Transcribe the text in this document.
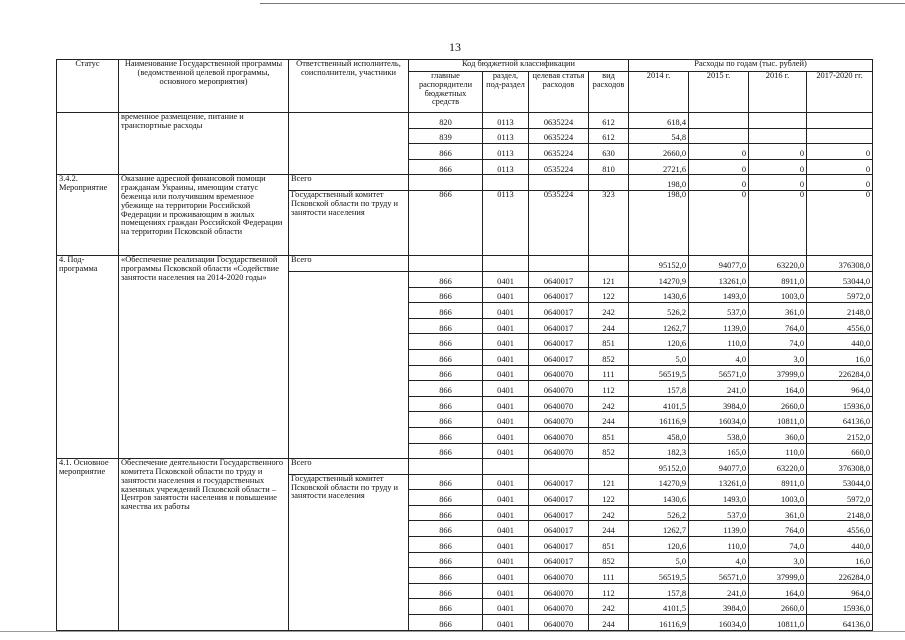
13
Статус	Наименование Государственной программы (ведомственной целевой программы, основного мероприятия)	Ответственный исполнитель, соисполнители, участники	Код бюджетной классификации				Расходы по годам (тыс. рублей)			
			главные распорядители бюджетных средств	раздел, под-раздел	целевая статья расходов	вид расходов	2014 г.	2015 г.	2016 г.	2017-2020 гг.
	временное размещение, питание и транспортные расходы		820	0113	0635224	612	618,4			
			839	0113	0635224	612	54,8			
			866	0113	0635224	630	2660,0	0	0	0
			866	0113	0535224	810	2721,6	0	0	0
3.4.2. Мероприятие	Оказание адресной финансовой помощи гражданам Украины, имеющим статус беженца или получившим временное убежище на территории Российской Федерации и проживающим в жилых помещениях граждан Российской Федерации на территории Псковской области	Всего					198,0	0	0	0
		Государственный комитет Псковской области по труду и занятости населения	866	0113	0535224	323	198,0	0	0	0
4. Под-программа	«Обеспечение реализации Государственной программы Псковской области «Содействие занятости населения на 2014-2020 годы»	Всего					95152,0	94077,0	63220,0	376308,0
			866	0401	0640017	121	14270,9	13261,0	8911,0	53044,0
			866	0401	0640017	122	1430,6	1493,0	1003,0	5972,0
			866	0401	0640017	242	526,2	537,0	361,0	2148,0
			866	0401	0640017	244	1262,7	1139,0	764,0	4556,0
			866	0401	0640017	851	120,6	110,0	74,0	440,0
			866	0401	0640017	852	5,0	4,0	3,0	16,0
			866	0401	0640070	111	56519,5	56571,0	37999,0	226284,0
			866	0401	0640070	112	157,8	241,0	164,0	964,0
			866	0401	0640070	242	4101,5	3984,0	2660,0	15936,0
			866	0401	0640070	244	16116,9	16034,0	10811,0	64136,0
			866	0401	0640070	851	458,0	538,0	360,0	2152,0
			866	0401	0640070	852	182,3	165,0	110,0	660,0
4.1. Основное мероприятие	Обеспечение деятельности Государственного комитета Псковской области по труду и занятости населения и государственных казенных учреждений Псковской области – Центров занятости населения и повышение качества их работы	Всего					95152,0	94077,0	63220,0	376308,0
		Государственный комитет Псковской области по труду и занятости населения	866	0401	0640017	121	14270,9	13261,0	8911,0	53044,0
			866	0401	0640017	122	1430,6	1493,0	1003,0	5972,0
			866	0401	0640017	242	526,2	537,0	361,0	2148,0
			866	0401	0640017	244	1262,7	1139,0	764,0	4556,0
			866	0401	0640017	851	120,6	110,0	74,0	440,0
			866	0401	0640017	852	5,0	4,0	3,0	16,0
			866	0401	0640070	111	56519,5	56571,0	37999,0	226284,0
			866	0401	0640070	112	157,8	241,0	164,0	964,0
			866	0401	0640070	242	4101,5	3984,0	2660,0	15936,0
			866	0401	0640070	244	16116,9	16034,0	10811,0	64136,0
